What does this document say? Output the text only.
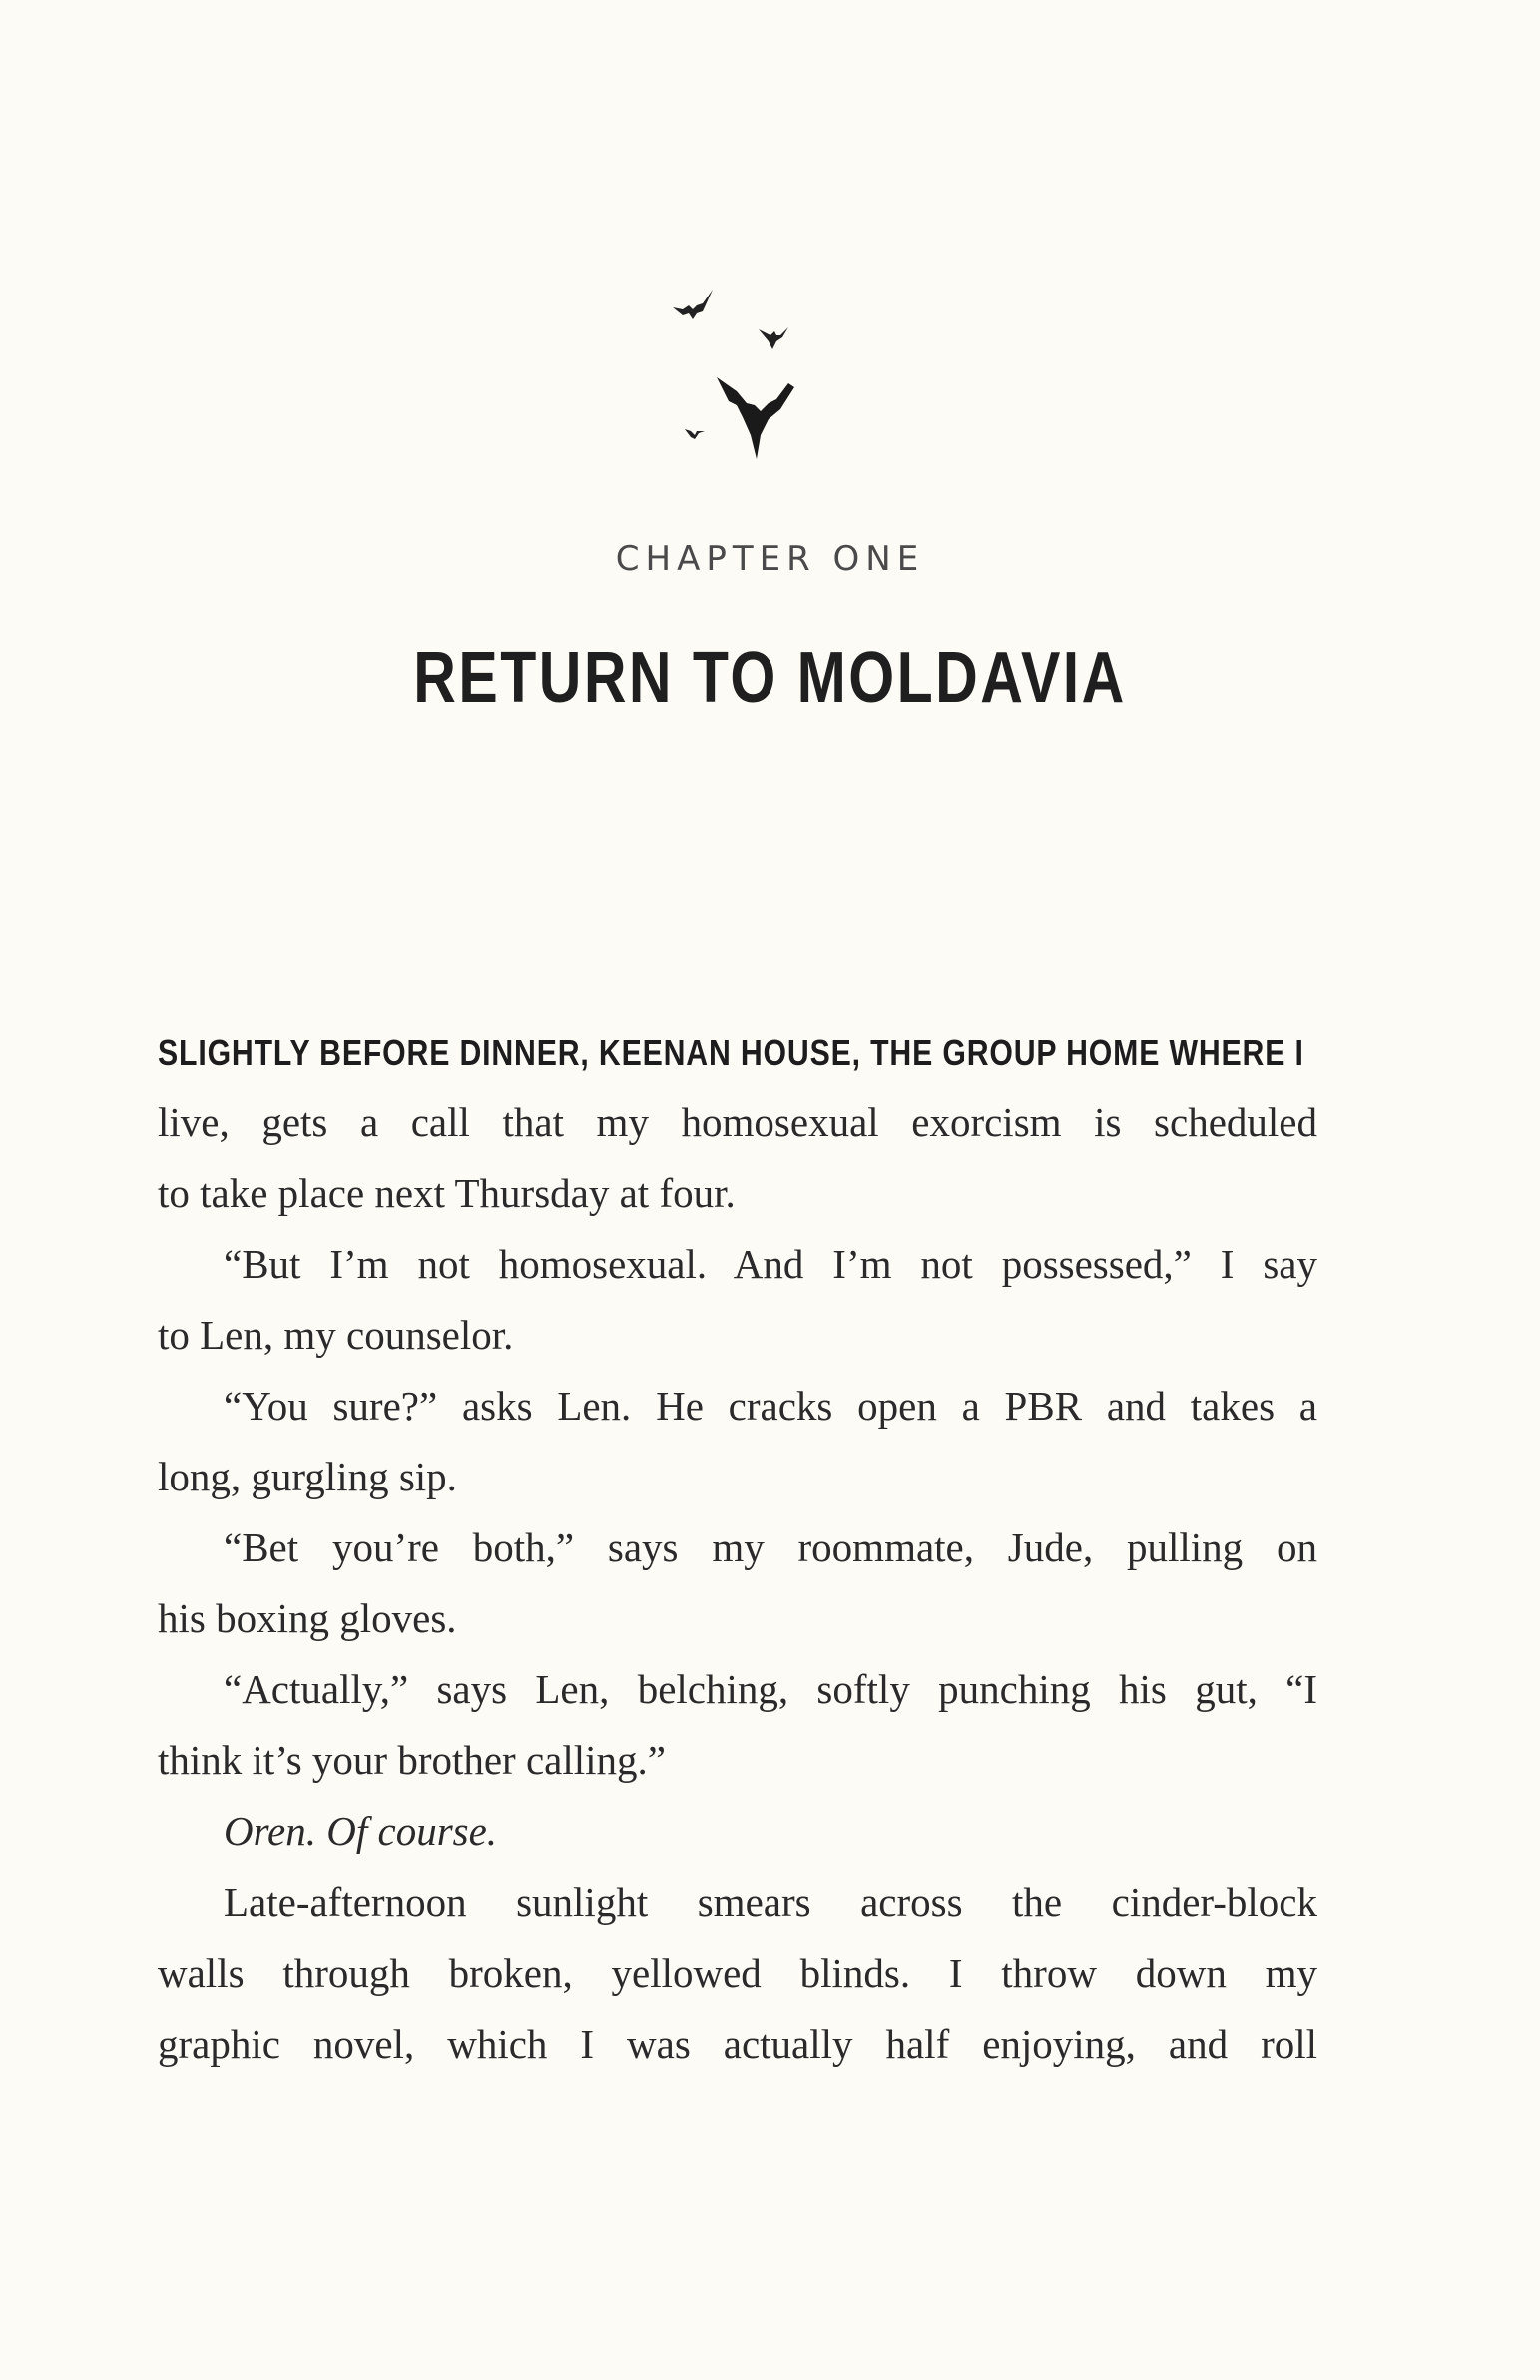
CHAPTER ONE
RETURN TO MOLDAVIA
SLIGHTLY BEFORE DINNER, KEENAN HOUSE, THE GROUP HOME WHERE I

live, gets a call that my homosexual exorcism is scheduled
to take place next Thursday at four.

“But I’m not homosexual. And I’m not possessed,” I say
to Len, my counselor.

“You sure?” asks Len. He cracks open a PBR and takes a
long, gurgling sip.

“Bet you’re both,” says my roommate, Jude, pulling on
his boxing gloves.

“Actually,” says Len, belching, softly punching his gut, “I
think it’s your brother calling.”

Oren. Of course.

Late-afternoon sunlight smears across the cinder-block
walls through broken, yellowed blinds. I throw down my
graphic novel, which I was actually half enjoying, and roll
